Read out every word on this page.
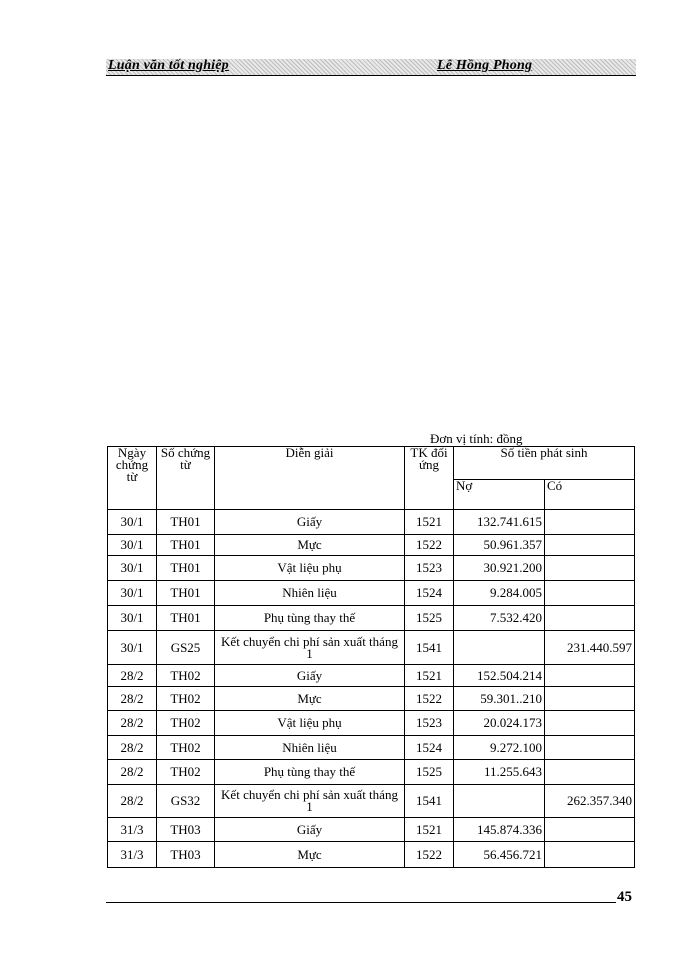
Luận văn tốt nghiệp	Lê Hồng Phong
Đơn vị tính: đồng
Ngày chứng từ	Số chứng từ	Diễn giải	TK đối ứng	Số tiền phát sinh	
				Nợ	Có
30/1	TH01	Giấy	1521	132.741.615	
30/1	TH01	Mực	1522	50.961.357	
30/1	TH01	Vật liệu phụ	1523	30.921.200	
30/1	TH01	Nhiên liệu	1524	9.284.005	
30/1	TH01	Phụ tùng thay thế	1525	7.532.420	
30/1	GS25	Kết chuyển chi phí sản xuất tháng 1	1541		231.440.597
28/2	TH02	Giấy	1521	152.504.214	
28/2	TH02	Mực	1522	59.301..210	
28/2	TH02	Vật liệu phụ	1523	20.024.173	
28/2	TH02	Nhiên liệu	1524	9.272.100	
28/2	TH02	Phụ tùng thay thế	1525	11.255.643	
28/2	GS32	Kết chuyển chi phí sản xuất tháng 1	1541		262.357.340
31/3	TH03	Giấy	1521	145.874.336	
31/3	TH03	Mực	1522	56.456.721	
45
